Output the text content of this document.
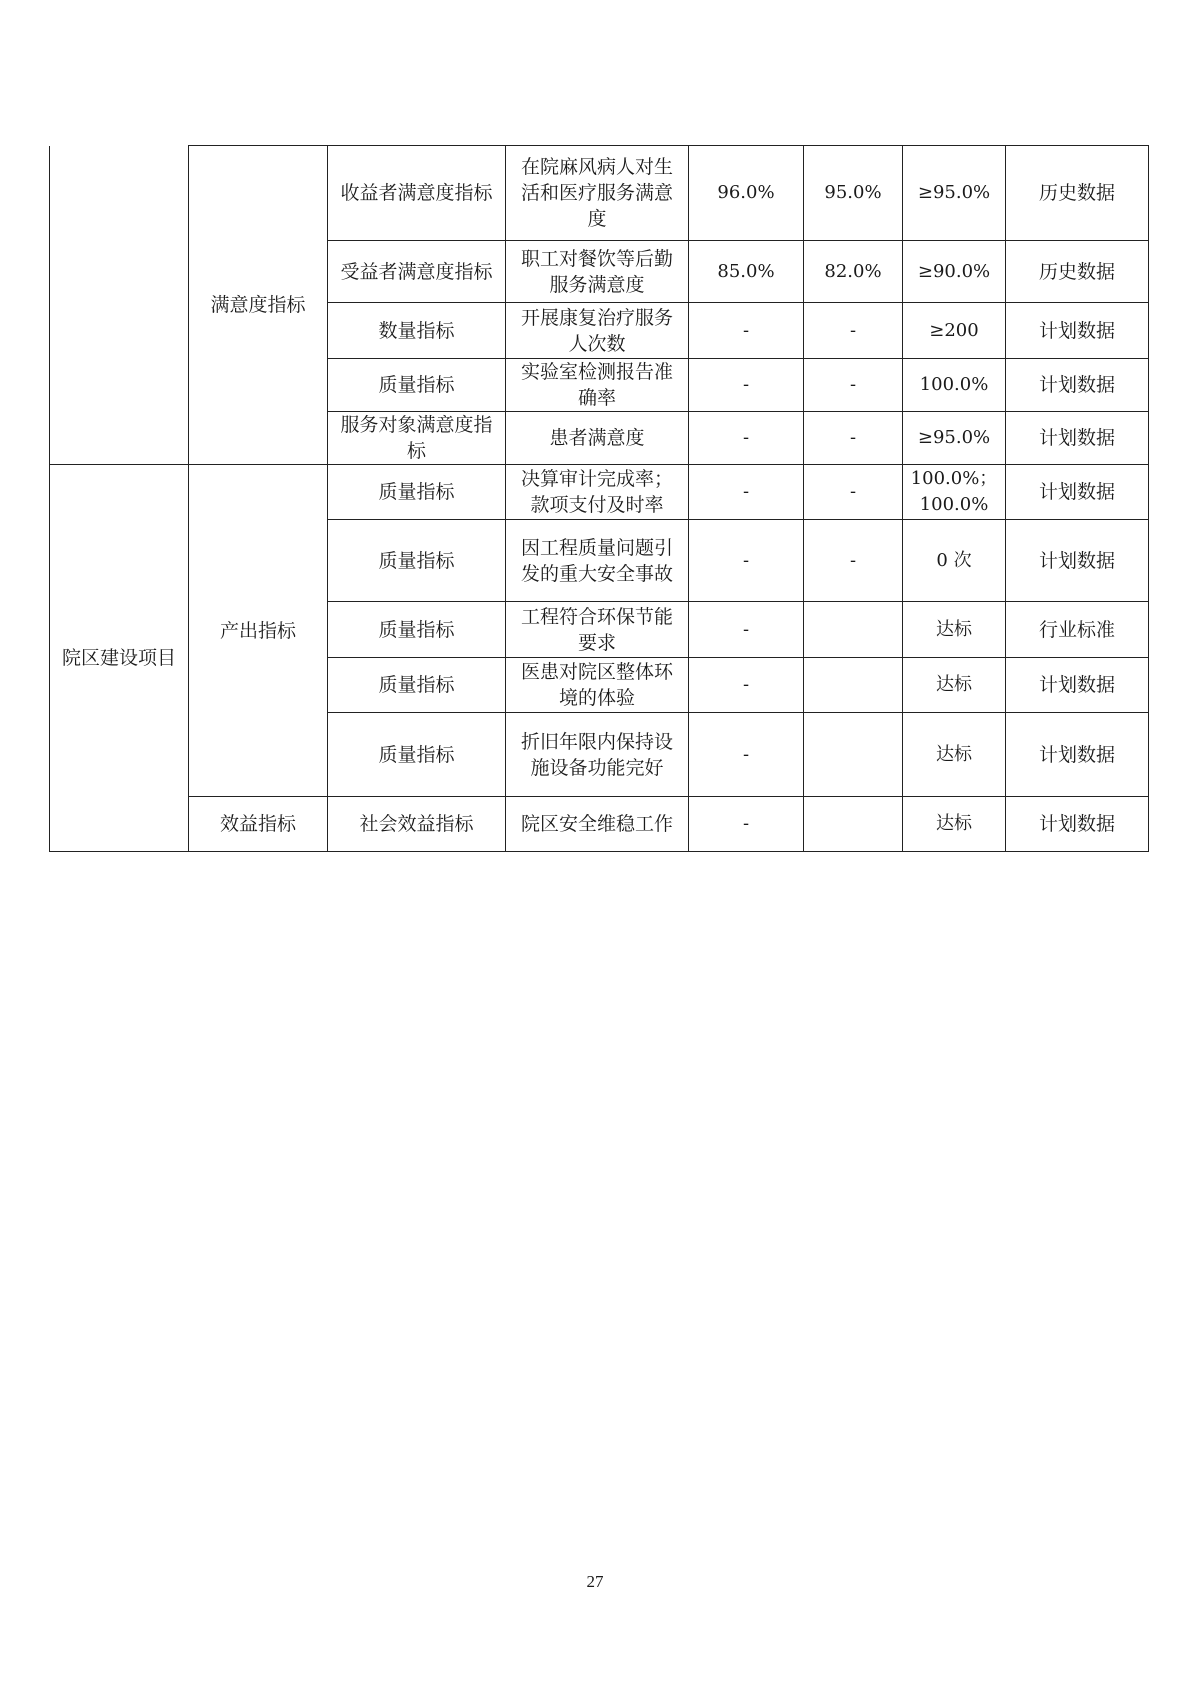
	满意度指标	收益者满意度指标	在院麻风病人对生活和医疗服务满意度	96.0%	95.0%	≥95.0%	历史数据
		受益者满意度指标	职工对餐饮等后勤服务满意度	85.0%	82.0%	≥90.0%	历史数据
		数量指标	开展康复治疗服务人次数	-	-	≥200	计划数据
		质量指标	实验室检测报告准确率	-	-	100.0%	计划数据
		服务对象满意度指标	患者满意度	-	-	≥95.0%	计划数据
院区建设项目	产出指标	质量指标	决算审计完成率；款项支付及时率	-	-	100.0%；100.0%	计划数据
		质量指标	因工程质量问题引发的重大安全事故	-	-	0 次	计划数据
		质量指标	工程符合环保节能要求	-		达标	行业标准
		质量指标	医患对院区整体环境的体验	-		达标	计划数据
		质量指标	折旧年限内保持设施设备功能完好	-		达标	计划数据
	效益指标	社会效益指标	院区安全维稳工作	-		达标	计划数据
27
